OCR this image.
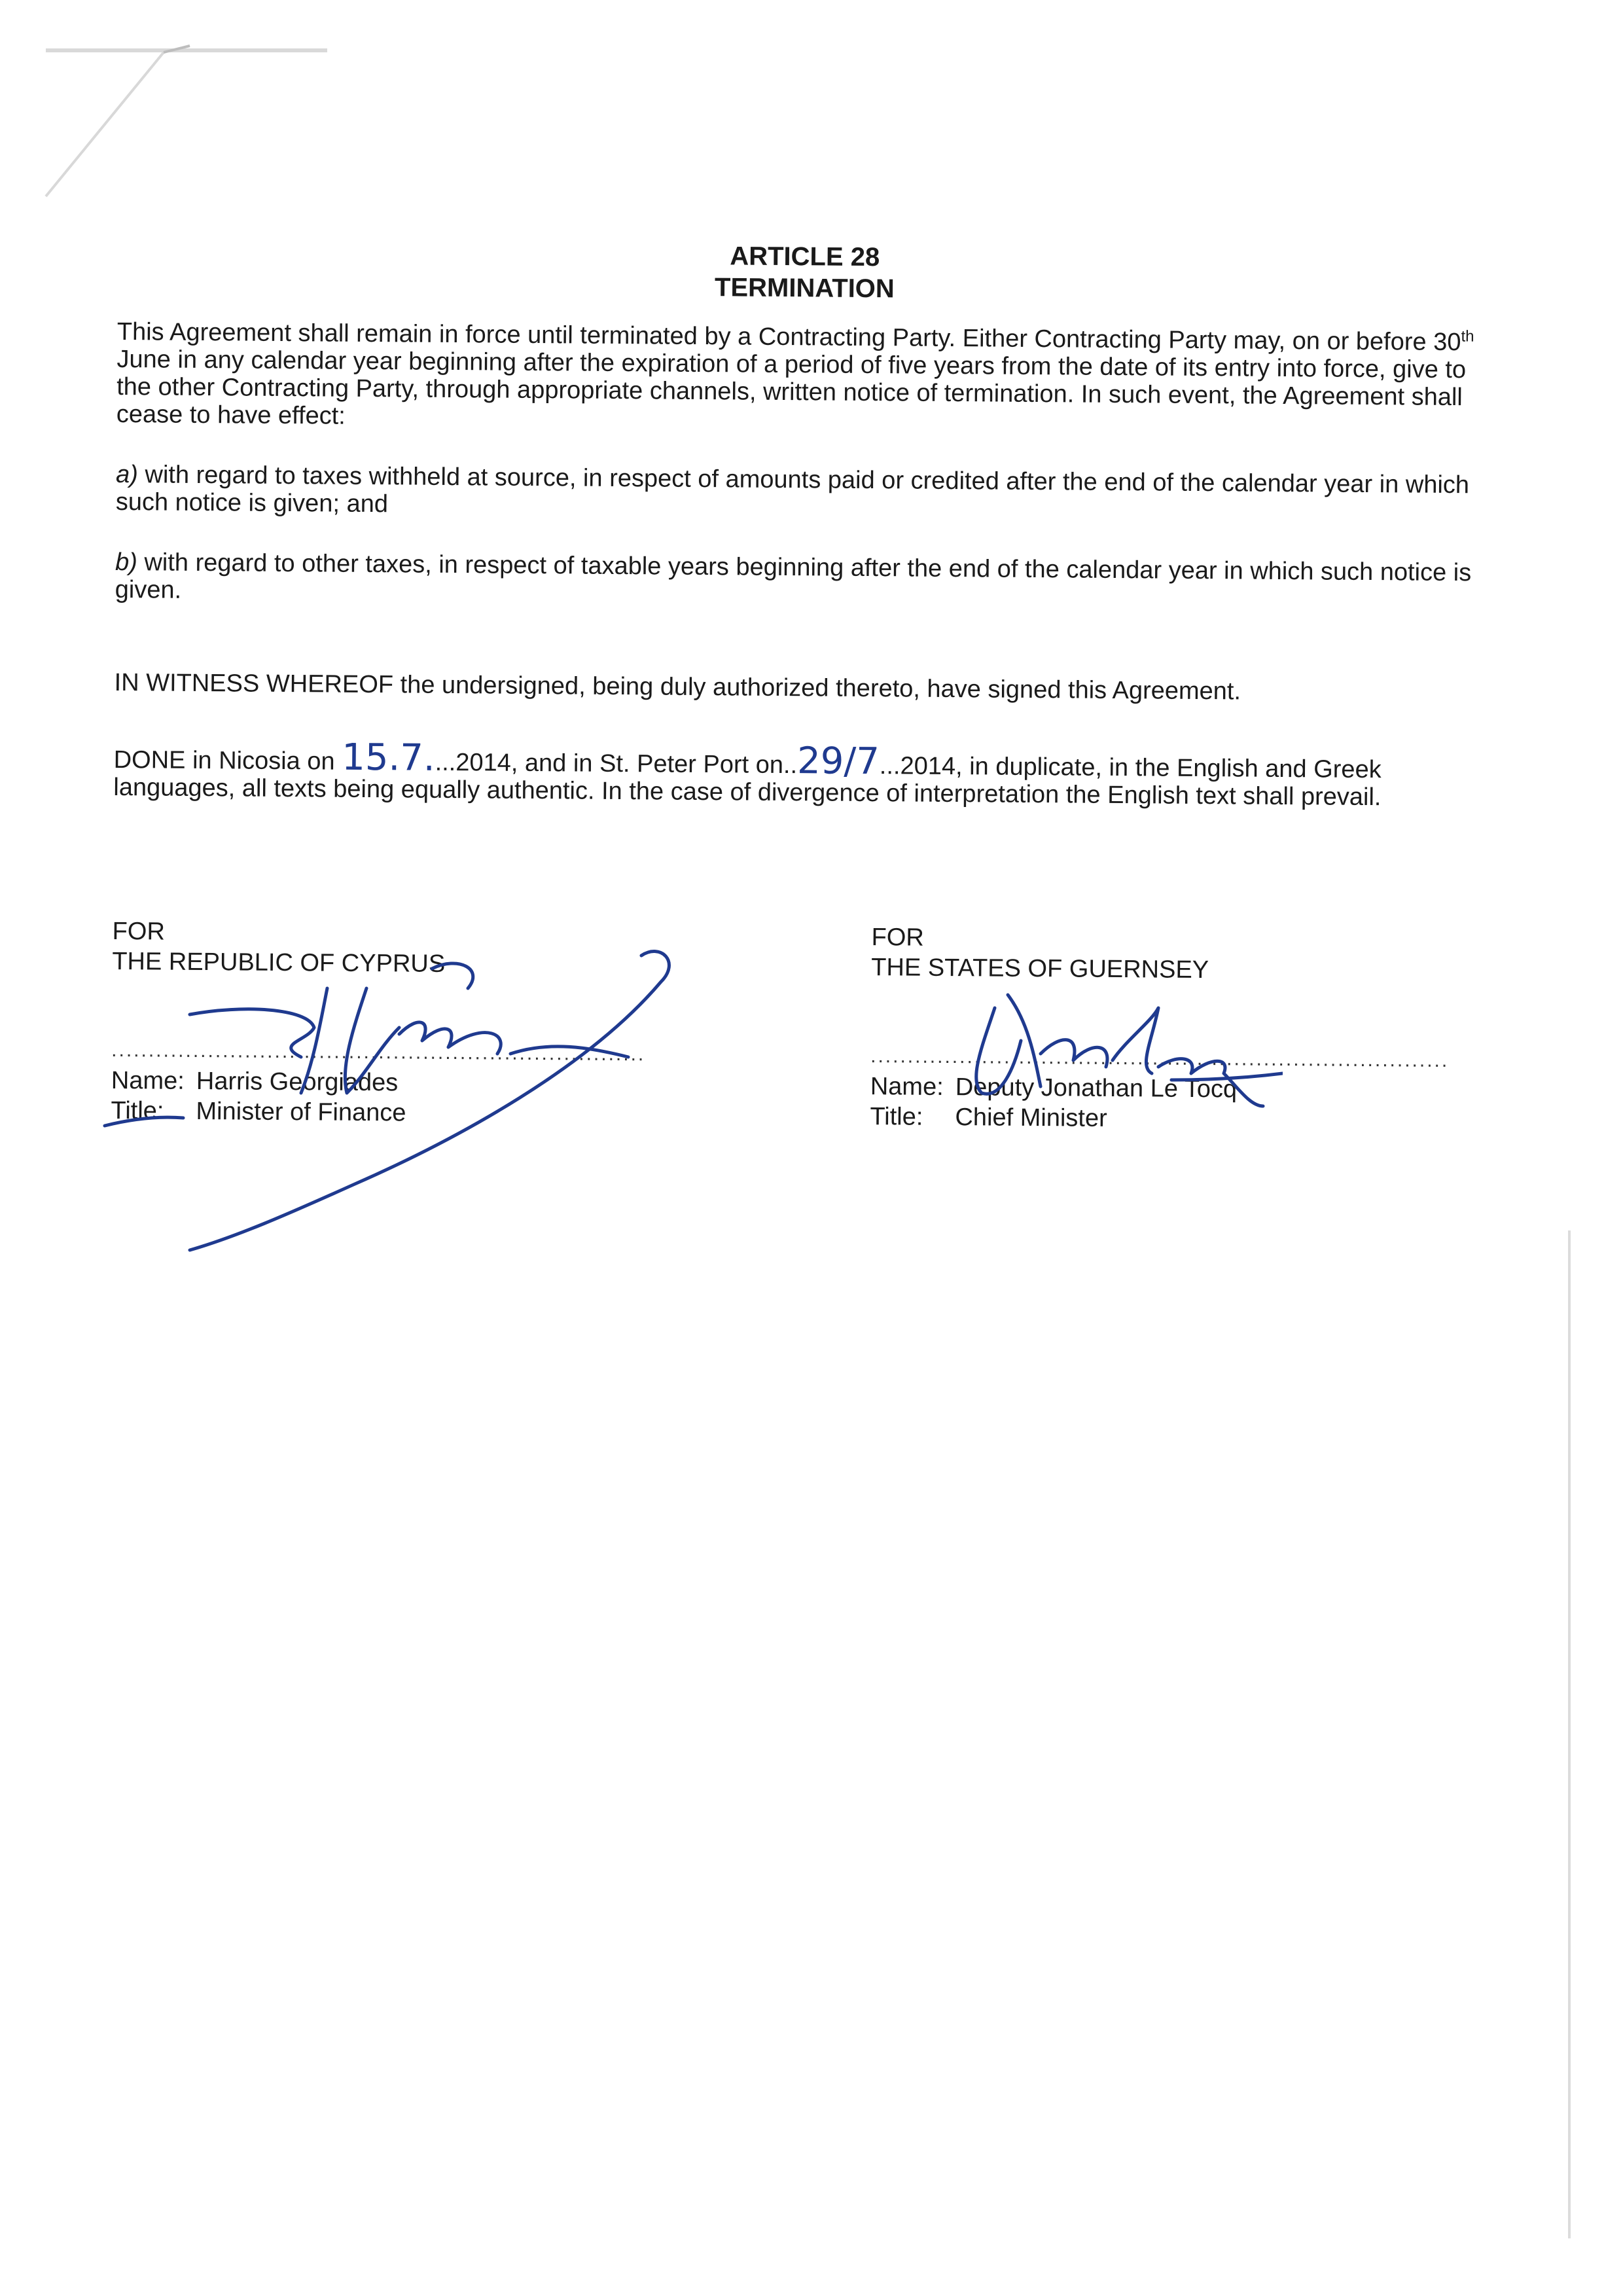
ARTICLE 28
TERMINATION

This Agreement shall remain in force until terminated by a Contracting Party. Either Contracting Party may, on or before 30th June in any calendar year beginning after the expiration of a period of five years from the date of its entry into force, give to the other Contracting Party, through appropriate channels, written notice of termination. In such event, the Agreement shall cease to have effect:

a) with regard to taxes withheld at source, in respect of amounts paid or credited after the end of the calendar year in which such notice is given; and

b) with regard to other taxes, in respect of taxable years beginning after the end of the calendar year in which such notice is given.

IN WITNESS WHEREOF the undersigned, being duly authorized thereto, have signed this Agreement.

DONE in Nicosia on 15.7....2014, and in St. Peter Port on..29/7...2014, in duplicate, in the English and Greek languages, all texts being equally authentic. In the case of divergence of interpretation the English text shall prevail.

FOR
THE REPUBLIC OF CYPRUS
........................................................................
Name: Harris Georgiades
Title:	Minister of Finance
FOR
THE STATES OF GUERNSEY
..............................................................................
Name: Deputy Jonathan Le Tocq
Title:	Chief Minister
